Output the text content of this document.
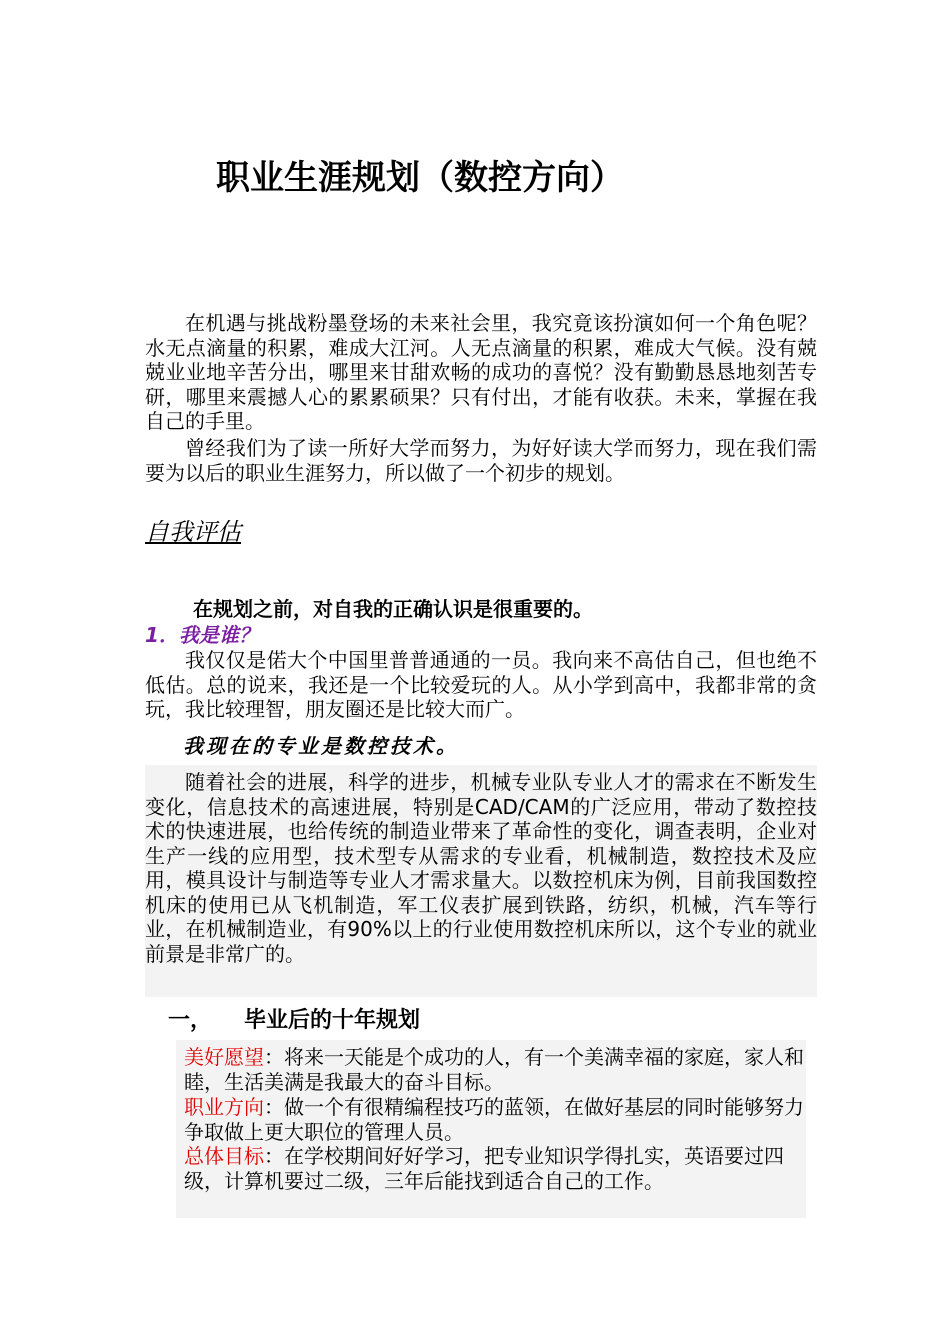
职业生涯规划（数控方向）

在机遇与挑战粉墨登场的未来社会里，我究竟该扮演如何一个角色呢？水无点滴量的积累，难成大江河。人无点滴量的积累，难成大气候。没有兢兢业业地辛苦分出，哪里来甘甜欢畅的成功的喜悦？没有勤勤恳恳地刻苦专研，哪里来震撼人心的累累硕果？只有付出，才能有收获。未来，掌握在我自己的手里。

曾经我们为了读一所好大学而努力，为好好读大学而努力，现在我们需要为以后的职业生涯努力，所以做了一个初步的规划。

自我评估
在规划之前，对自我的正确认识是很重要的。
1．我是谁？

我仅仅是偌大个中国里普普通通的一员。我向来不高估自己，但也绝不低估。总的说来，我还是一个比较爱玩的人。从小学到高中，我都非常的贪玩，我比较理智，朋友圈还是比较大而广。

我现在的专业是数控技术。

随着社会的进展，科学的进步，机械专业队专业人才的需求在不断发生变化，信息技术的高速进展，特别是CAD/CAM的广泛应用，带动了数控技术的快速进展，也给传统的制造业带来了革命性的变化，调查表明，企业对生产一线的应用型，技术型专从需求的专业看，机械制造，数控技术及应用，模具设计与制造等专业人才需求量大。以数控机床为例，目前我国数控机床的使用已从飞机制造，军工仪表扩展到铁路，纺织，机械，汽车等行业，在机械制造业，有90%以上的行业使用数控机床所以，这个专业的就业前景是非常广的。

一， 毕业后的十年规划

美好愿望：将来一天能是个成功的人，有一个美满幸福的家庭，家人和睦，生活美满是我最大的奋斗目标。

职业方向：做一个有很精编程技巧的蓝领，在做好基层的同时能够努力争取做上更大职位的管理人员。

总体目标：在学校期间好好学习，把专业知识学得扎实，英语要过四级，计算机要过二级，三年后能找到适合自己的工作。
